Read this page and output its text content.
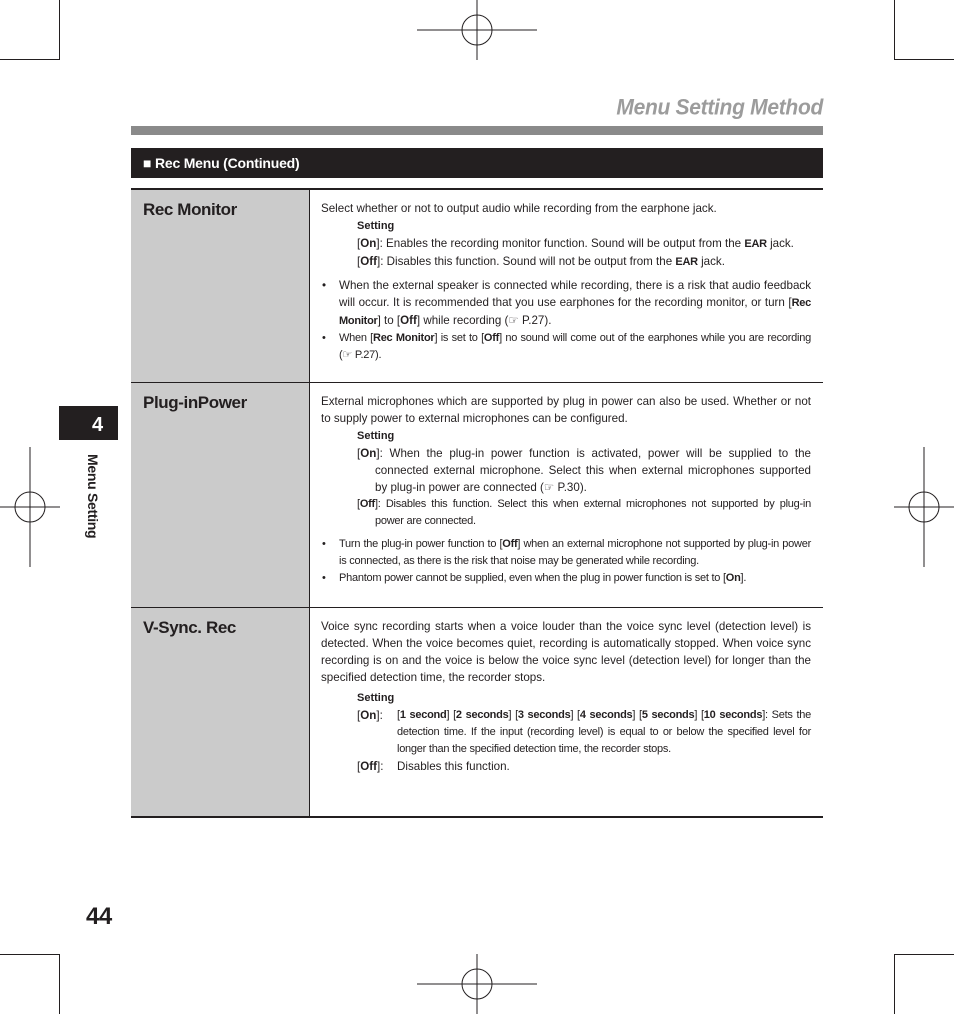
Menu Setting Method
■ Rec Menu (Continued)
4
Menu Setting
Rec Monitor	Select whether or not to output audio while recording from the earphone jack.

Setting
[On]: Enables the recording monitor function. Sound will be output from the EAR jack.
[Off]: Disables this function. Sound will not be output from the EAR jack.
• When the external speaker is connected while recording, there is a risk that audio feedback will occur. It is recommended that you use earphones for the recording monitor, or turn [Rec Monitor] to [Off] while recording (☞ P.27).
• When [Rec Monitor] is set to [Off] no sound will come out of the earphones while you are recording (☞ P.27).
Plug-inPower	External microphones which are supported by plug in power can also be used. Whether or not to supply power to external microphones can be configured.

Setting
[On]: When the plug-in power function is activated, power will be supplied to the connected external microphone. Select this when external microphones supported by plug-in power are connected (☞ P.30).
[Off]: Disables this function. Select this when external microphones not supported by plug-in power are connected.
• Turn the plug-in power function to [Off] when an external microphone not supported by plug-in power is connected, as there is the risk that noise may be generated while recording.
• Phantom power cannot be supplied, even when the plug in power function is set to [On].
V-Sync. Rec	Voice sync recording starts when a voice louder than the voice sync level (detection level) is detected. When the voice becomes quiet, recording is automatically stopped. When voice sync recording is on and the voice is below the voice sync level (detection level) for longer than the specified detection time, the recorder stops.

Setting
[On]:	[1 second] [2 seconds] [3 seconds] [4 seconds] [5 seconds] [10 seconds]: Sets the detection time. If the input (recording level) is equal to or below the specified level for longer than the specified detection time, the recorder stops.
[Off]:	Disables this function.
44
